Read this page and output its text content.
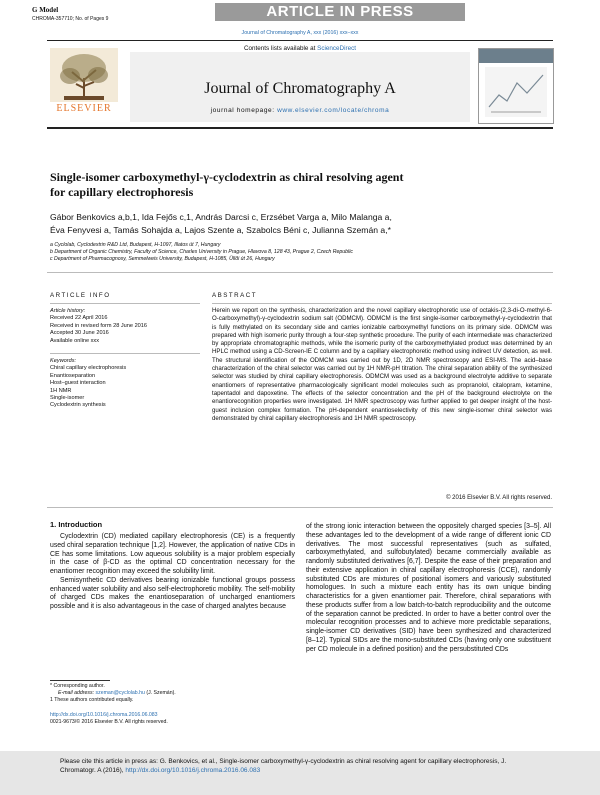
G Model
CHROMA-357710; No. of Pages 9	ARTICLE IN PRESS
Journal of Chromatography A, xxx (2016) xxx–xxx
Contents lists available at ScienceDirect
Journal of Chromatography A
journal homepage: www.elsevier.com/locate/chroma
ELSEVIER
Single-isomer carboxymethyl-γ-cyclodextrin as chiral resolving agent
for capillary electrophoresis
Gábor Benkovics a,b,1, Ida Fejős c,1, András Darcsi c, Erzsébet Varga a, Milo Malanga a,
Éva Fenyvesi a, Tamás Sohajda a, Lajos Szente a, Szabolcs Béni c, Julianna Szemán a,*
a Cyclolab, Cyclodextrin R&D Ltd, Budapest, H-1097, Illatos út 7, Hungary
b Department of Organic Chemistry, Faculty of Science, Charles University in Prague, Hlavova 8, 128 43, Prague 2, Czech Republic
c Department of Pharmacognosy, Semmelweis University, Budapest, H-1085, Üllői út 26, Hungary
ARTICLE INFO
Article history:
Received 22 April 2016
Received in revised form 28 June 2016
Accepted 30 June 2016
Available online xxx
Keywords:
Chiral capillary electrophoresis
Enantioseparation
Host–guest interaction
1H NMR
Single-isomer
Cyclodextrin synthesis
ABSTRACT
Herein we report on the synthesis, characterization and the novel capillary electrophoretic use of octakis-(2,3-di-O-methyl-6-O-carboxymethyl)-γ-cyclodextrin sodium salt (ODMCM). ODMCM is the first single-isomer carboxymethyl-γ-cyclodextrin that is fully methylated on its secondary side and carries ionizable carboxymethyl functions on its primary side. ODMCM was prepared with high isomeric purity through a four-step synthetic procedure. The purity of each intermediate was characterized by appropriate chromatographic methods, while the isomeric purity of the carboxymethylated product was determined by an HPLC method using a CD-Screen-IE C column and by a capillary electrophoretic method using indirect UV detection, as well. The structural identification of the ODMCM was carried out by 1D, 2D NMR spectroscopy and ESI-MS. The acid–base characterization of the chiral selector was carried out by 1H NMR-pH titration. The chiral separation ability of the synthesized selector was studied by chiral capillary electrophoresis. ODMCM was used as a background electrolyte additive to separate enantiomers of representative pharmacologically significant model molecules such as propranolol, citalopram, ketamine, tapentadol and dapoxetine. The effects of the selector concentration and the pH of the background electrolyte on the enantiorecognition properties were investigated. 1H NMR spectroscopy was further applied to get deeper insight of the host-guest inclusion complex formation. The pH-dependent enantioselectivity of this new single-isomer chiral selector was demonstrated by chiral capillary electrophoresis and 1H NMR spectroscopy.
© 2016 Elsevier B.V. All rights reserved.
1. Introduction

Cyclodextrin (CD) mediated capillary electrophoresis (CE) is a frequently used chiral separation technique [1,2]. However, the application of native CDs in CE has some limitations. Low aqueous solubility is a major problem especially in the case of β-CD as the optimal CD concentration necessary for the enantiomer recognition may exceed the solubility limit.

Semisynthetic CD derivatives bearing ionizable functional groups possess enhanced water solubility and also self-electrophoretic mobility. The self-mobility of charged CDs makes the enantioseparation of uncharged enantiomers possible and it is also advantageous in the case of charged analytes because

of the strong ionic interaction between the oppositely charged species [3–5]. All these advantages led to the development of a wide range of different ionic CD derivatives. The most successful representatives (such as sulfated, carboxymethylated, and sulfobutylated) became commercially available as randomly substituted derivatives [6,7]. Despite the ease of their preparation and their extensive application in chiral capillary electrophoresis (CCE), randomly substituted CDs are mixtures of positional isomers and variously substituted homologues. In such a mixture each entity has its own unique binding characteristics for a given enantiomer pair. Therefore, chiral separations with these products suffer from a low batch-to-batch reproducibility and the outcome of the separation cannot be predicted. In order to have a better control over the molecular recognition processes and to achieve more predictable separations, single-isomer CD derivatives (SID) have been synthesized and characterized [8–12]. Typical SIDs are the mono-substituted CDs (having only one substituent per CD molecule in a defined position) and the persubstituted CDs

* Corresponding author.
E-mail address: szeman@cyclolab.hu (J. Szemán).
1 These authors contributed equally.
http://dx.doi.org/10.1016/j.chroma.2016.06.083
0021-9673/© 2016 Elsevier B.V. All rights reserved.
Please cite this article in press as: G. Benkovics, et al., Single-isomer carboxymethyl-γ-cyclodextrin as chiral resolving agent for capillary electrophoresis, J. Chromatogr. A (2016), http://dx.doi.org/10.1016/j.chroma.2016.06.083
